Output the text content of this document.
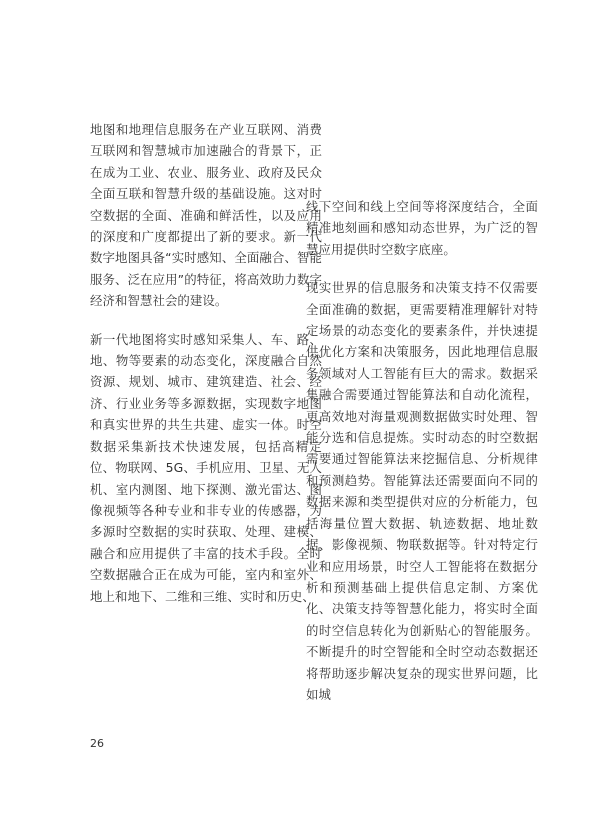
地图和地理信息服务在产业互联网、消费互联网和智慧城市加速融合的背景下，正在成为工业、农业、服务业、政府及民众全面互联和智慧升级的基础设施。这对时空数据的全面、准确和鲜活性，以及应用的深度和广度都提出了新的要求。新一代数字地图具备“实时感知、全面融合、智能服务、泛在应用”的特征，将高效助力数字经济和智慧社会的建设。

新一代地图将实时感知采集人、车、路、地、物等要素的动态变化，深度融合自然资源、规划、城市、建筑建造、社会、经济、行业业务等多源数据，实现数字地图和真实世界的共生共建、虚实一体。时空数据采集新技术快速发展，包括高精定位、物联网、5G、手机应用、卫星、无人机、室内测图、地下探测、激光雷达、图像视频等各种专业和非专业的传感器，为多源时空数据的实时获取、处理、建模、融合和应用提供了丰富的技术手段。全时空数据融合正在成为可能，室内和室外、地上和地下、二维和三维、实时和历史、

线下空间和线上空间等将深度结合，全面精准地刻画和感知动态世界，为广泛的智慧应用提供时空数字底座。

现实世界的信息服务和决策支持不仅需要全面准确的数据，更需要精准理解针对特定场景的动态变化的要素条件，并快速提供优化方案和决策服务，因此地理信息服务领域对人工智能有巨大的需求。数据采集融合需要通过智能算法和自动化流程，更高效地对海量观测数据做实时处理、智能分选和信息提炼。实时动态的时空数据需要通过智能算法来挖掘信息、分析规律和预测趋势。智能算法还需要面向不同的数据来源和类型提供对应的分析能力，包括海量位置大数据、轨迹数据、地址数据、影像视频、物联数据等。针对特定行业和应用场景，时空人工智能将在数据分析和预测基础上提供信息定制、方案优化、决策支持等智慧化能力，将实时全面的时空信息转化为创新贴心的智能服务。不断提升的时空智能和全时空动态数据还将帮助逐步解决复杂的现实世界问题，比如城

26
